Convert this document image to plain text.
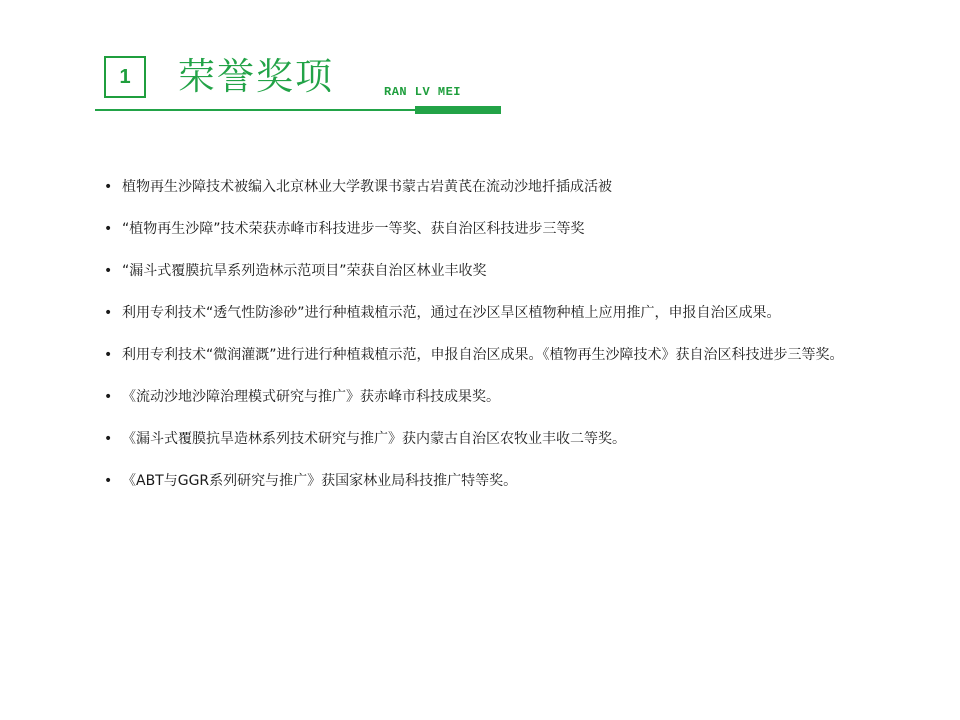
1 荣誉奖项	RAN LV MEI
• 植物再生沙障技术被编入北京林业大学教课书蒙古岩黄芪在流动沙地扦插成活被
• “植物再生沙障”技术荣获赤峰市科技进步一等奖、获自治区科技进步三等奖
• “漏斗式覆膜抗旱系列造林示范项目”荣获自治区林业丰收奖
• 利用专利技术“透气性防渗砂”进行种植栽植示范，通过在沙区旱区植物种植上应用推广，申报自治区成果。
• 利用专利技术“微润灌溉”进行进行种植栽植示范，申报自治区成果。《植物再生沙障技术》获自治区科技进步三等奖。
• 《流动沙地沙障治理模式研究与推广》获赤峰市科技成果奖。
• 《漏斗式覆膜抗旱造林系列技术研究与推广》获内蒙古自治区农牧业丰收二等奖。
• 《ABT与GGR系列研究与推广》获国家林业局科技推广特等奖。
